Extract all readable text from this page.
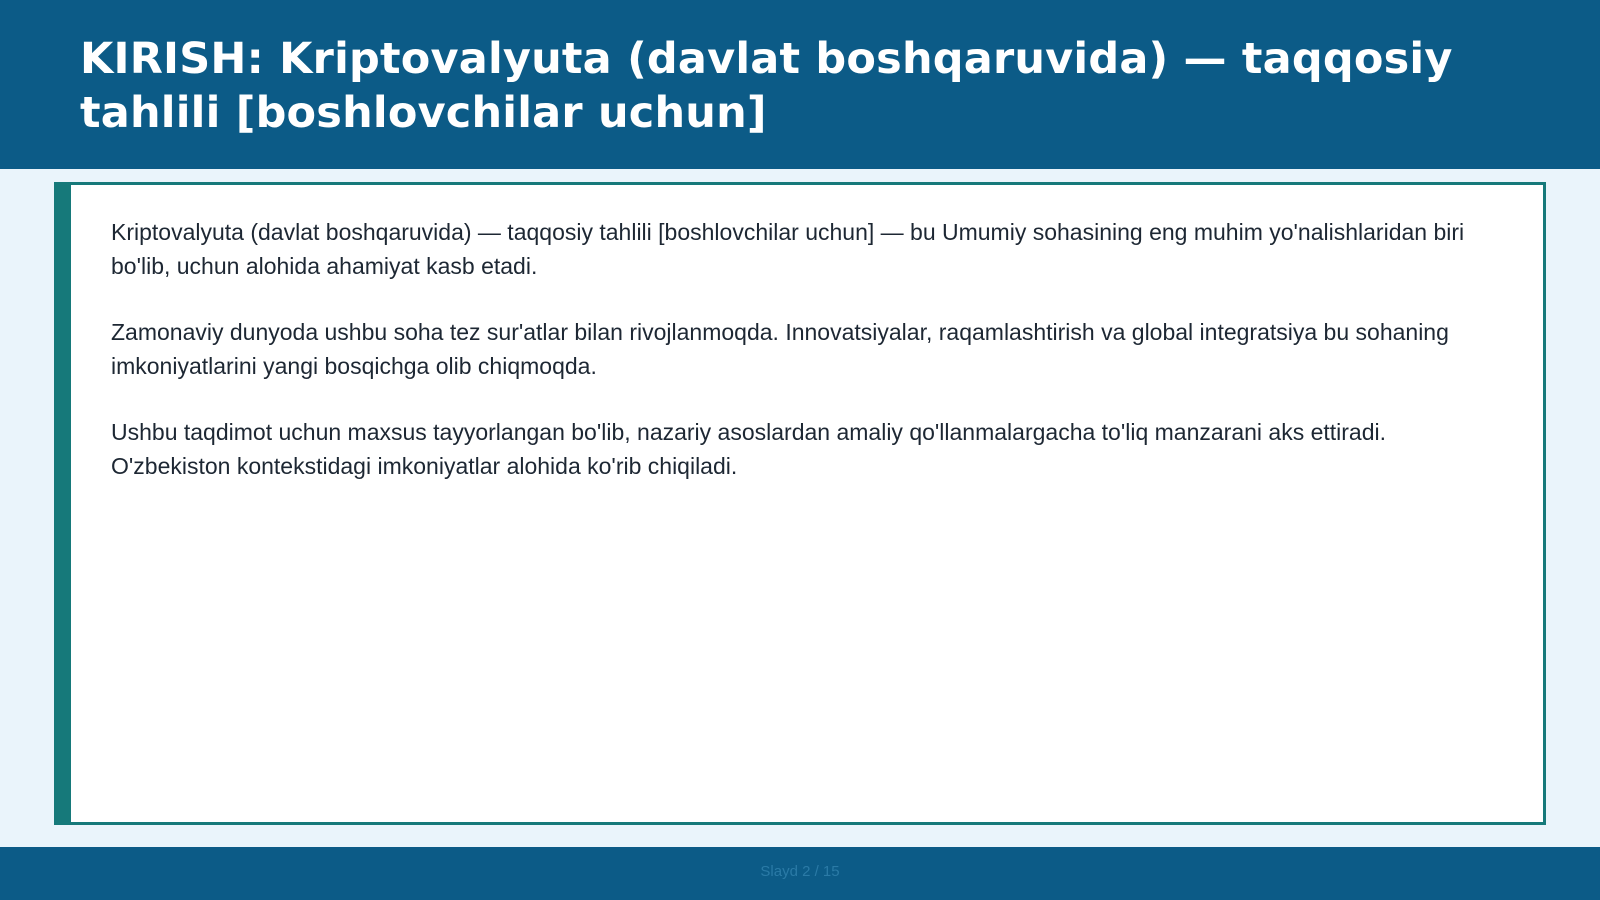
KIRISH: Kriptovalyuta (davlat boshqaruvida) — taqqosiy tahlili [boshlovchilar uchun]

Kriptovalyuta (davlat boshqaruvida) — taqqosiy tahlili [boshlovchilar uchun] — bu Umumiy sohasining eng muhim yo'nalishlaridan biri bo'lib, uchun alohida ahamiyat kasb etadi.

Zamonaviy dunyoda ushbu soha tez sur'atlar bilan rivojlanmoqda. Innovatsiyalar, raqamlashtirish va global integratsiya bu sohaning imkoniyatlarini yangi bosqichga olib chiqmoqda.

Ushbu taqdimot uchun maxsus tayyorlangan bo'lib, nazariy asoslardan amaliy qo'llanmalargacha to'liq manzarani aks ettiradi. O'zbekiston kontekstidagi imkoniyatlar alohida ko'rib chiqiladi.

Slayd 2 / 15
